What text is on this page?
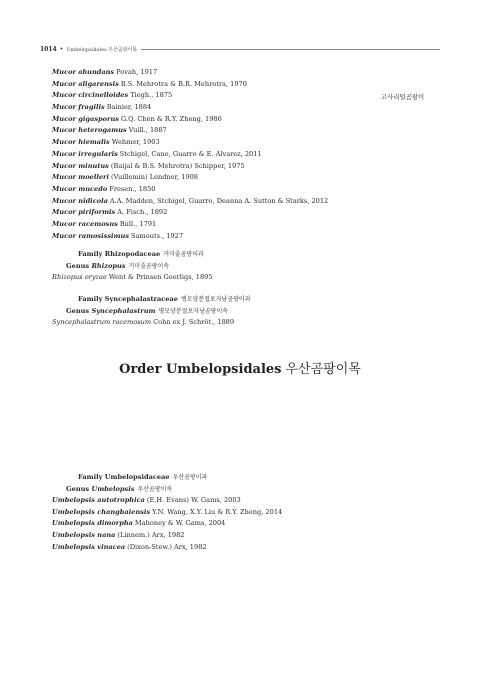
1014 • Umbelopsidales 우산곰팡이목
Mucor abundans Povah, 1917
Mucor aligarensis B.S. Mehrotra & B.R. Mehrotra, 1970
Mucor circinelloides Tiegh., 1875
Mucor fragilis Bainier, 1884
Mucor gigasporus G.Q. Chen & R.Y. Zheng, 1986
Mucor heterogamus Vuill., 1887
Mucor hiemalis Wehmer, 1903
Mucor irregularis Stchigel, Cano, Guarro & E. Álvarez, 2011
Mucor minutus (Baijal & B.S. Mehrotra) Schipper, 1975
Mucor moelleri (Vuillemin) Lendner, 1908
Mucor mucedo Fresen., 1850
Mucor nidicola A.A. Madden, Stchigel, Guarro, Deanna A. Sutton & Starks, 2012
Mucor piriformis A. Fisch., 1892
Mucor racemosus Bull., 1791
Mucor ramosissimus Samouts., 1927
고사리털곰팡이
Family Rhizopodaceae 거미줄곰팡이과
Genus Rhizopus 거미줄곰팡이속
Rhizopus oryzae Went & Prinsen Geerligs, 1895
Family Syncephalastraceae 병모양분절포자낭곰팡이과
Genus Syncephalastrum 병모양분절포자낭곰팡이속
Syncephalastrum racemosum Cohn ex J. Schröt., 1889
Order Umbelopsidales 우산곰팡이목
Family Umbelopsidaceae 우산곰팡이과
Genus Umbelopsis 우산곰팡이속
Umbelopsis autotrophica (E.H. Evans) W. Gams, 2003
Umbelopsis changbaiensis Y.N. Wang, X.Y. Liu & R.Y. Zheng, 2014
Umbelopsis dimorpha Mahoney & W. Gams, 2004
Umbelopsis nana (Linnem.) Arx, 1982
Umbelopsis vinacea (Dixon-Stew.) Arx, 1982
